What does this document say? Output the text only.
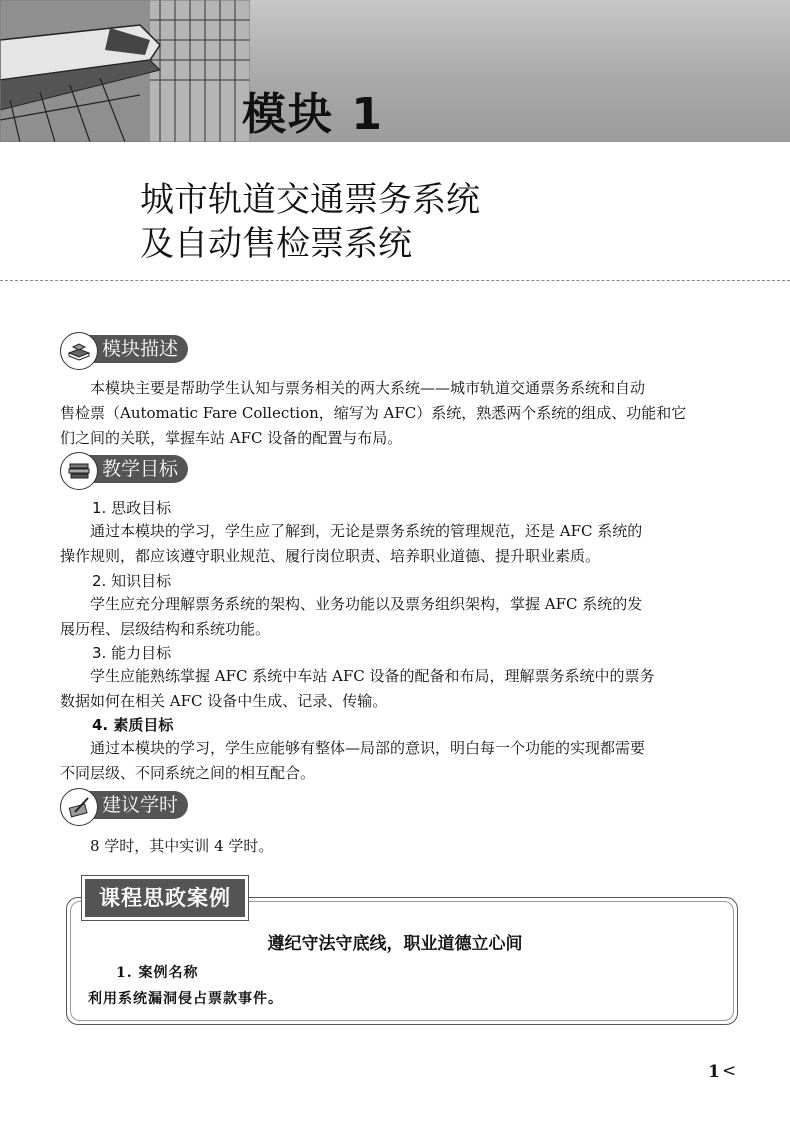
模块 1
城市轨道交通票务系统
及自动售检票系统
模块描述
本模块主要是帮助学生认知与票务相关的两大系统——城市轨道交通票务系统和自动
售检票（Automatic Fare Collection，缩写为 AFC）系统，熟悉两个系统的组成、功能和它
们之间的关联，掌握车站 AFC 设备的配置与布局。
教学目标
1. 思政目标
通过本模块的学习，学生应了解到，无论是票务系统的管理规范，还是 AFC 系统的
操作规则，都应该遵守职业规范、履行岗位职责、培养职业道德、提升职业素质。
2. 知识目标
学生应充分理解票务系统的架构、业务功能以及票务组织架构，掌握 AFC 系统的发
展历程、层级结构和系统功能。
3. 能力目标
学生应能熟练掌握 AFC 系统中车站 AFC 设备的配备和布局，理解票务系统中的票务
数据如何在相关 AFC 设备中生成、记录、传输。
4. 素质目标
通过本模块的学习，学生应能够有整体—局部的意识，明白每一个功能的实现都需要
不同层级、不同系统之间的相互配合。
建议学时
8 学时，其中实训 4 学时。
课程思政案例
遵纪守法守底线，职业道德立心间
1. 案例名称
利用系统漏洞侵占票款事件。
1 <
